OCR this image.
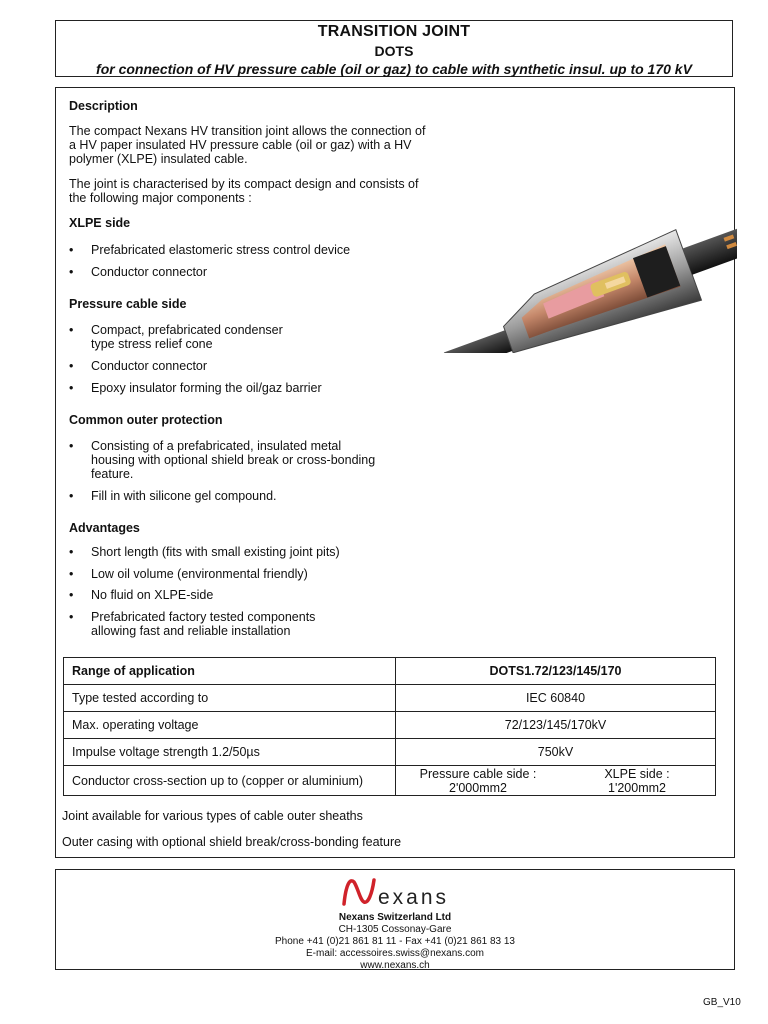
TRANSITION JOINT
DOTS
for connection of HV pressure cable (oil or gaz) to cable with synthetic insul. up to 170 kV
Description
The compact Nexans HV transition joint allows the connection of a HV paper insulated HV pressure cable (oil or gaz) with a HV polymer (XLPE) insulated cable.
The joint is characterised by its compact design and consists of the following major components :
XLPE side
• Prefabricated elastomeric stress control device
• Conductor connector
Pressure cable side
• Compact, prefabricated condenser
type stress relief cone
• Conductor connector
• Epoxy insulator forming the oil/gaz barrier
Common outer protection
• Consisting of a prefabricated, insulated metal
housing with optional shield break or cross-bonding
feature.
• Fill in with silicone gel compound.
Advantages
• Short length (fits with small existing joint pits)
• Low oil volume (environmental friendly)
• No fluid on XLPE-side
• Prefabricated factory tested components
allowing fast and reliable installation
Range of application	DOTS1.72/123/145/170
Type tested according to	IEC 60840
Max. operating voltage	72/123/145/170kV
Impulse voltage strength 1.2/50µs	750kV
Conductor cross-section up to (copper or aluminium)	Pressure cable side :
2'000mm2
XLPE side :
1'200mm2
Joint available for various types of cable outer sheaths
Outer casing with optional shield break/cross-bonding feature
exans
Nexans Switzerland Ltd
CH-1305 Cossonay-Gare
Phone +41 (0)21 861 81 11 - Fax +41 (0)21 861 83 13
E-mail: accessoires.swiss@nexans.com
www.nexans.ch
GB_V10
